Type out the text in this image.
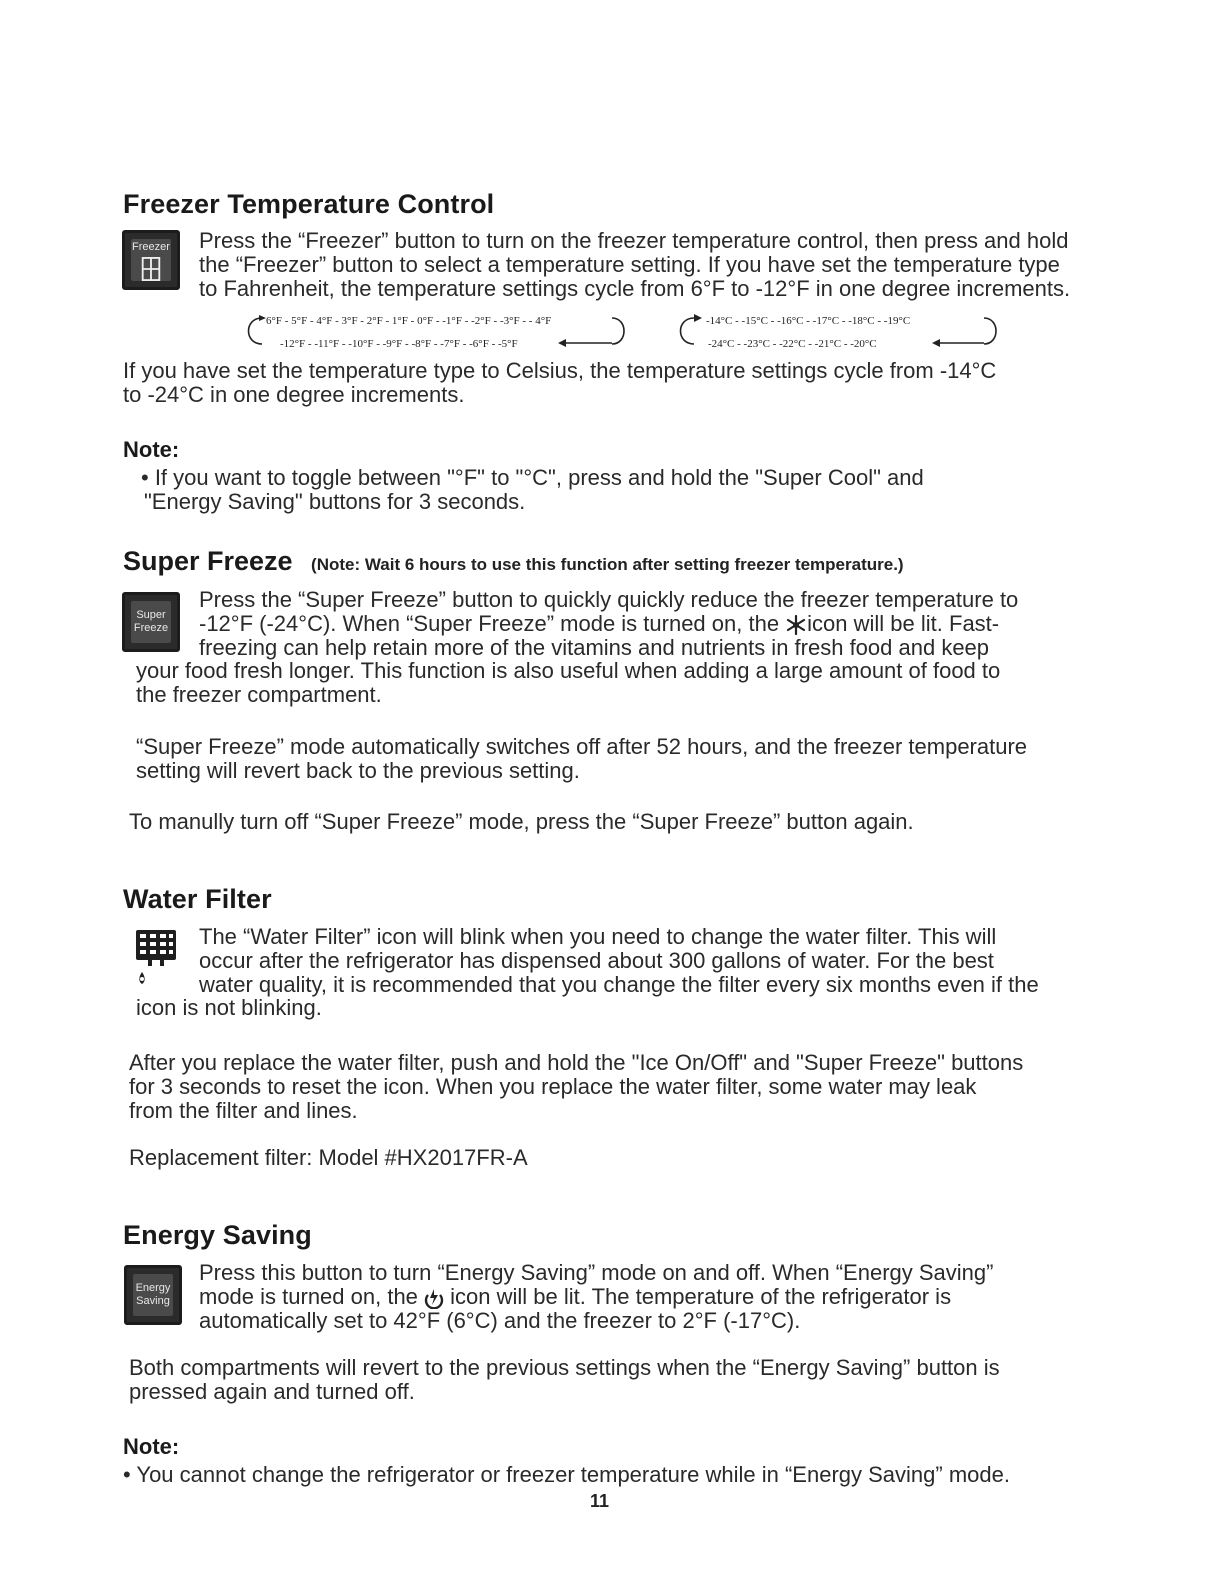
Freezer Temperature Control
Freezer Press the “Freezer” button to turn on the freezer temperature control, then press and hold
the “Freezer” button to select a temperature setting. If you have set the temperature type
to Fahrenheit, the temperature settings cycle from 6°F to -12°F in one degree increments.
6°F - 5°F - 4°F - 3°F - 2°F - 1°F - 0°F - -1°F - -2°F - -3°F - - 4°F
-12°F - -11°F - -10°F - -9°F - -8°F - -7°F - -6°F - -5°F
-14°C - -15°C - -16°C - -17°C - -18°C - -19°C
-24°C - -23°C - -22°C - -21°C - -20°C
If you have set the temperature type to Celsius, the temperature settings cycle from -14°C
to -24°C in one degree increments.
Note:
• If you want to toggle between "°F" to "°C", press and hold the "Super Cool" and
"Energy Saving" buttons for 3 seconds.
Super Freeze (Note: Wait 6 hours to use this function after setting freezer temperature.)
Super
Freeze
Press the “Super Freeze” button to quickly quickly reduce the freezer temperature to
-12°F (-24°C). When “Super Freeze” mode is turned on, the icon will be lit. Fast-
freezing can help retain more of the vitamins and nutrients in fresh food and keep
your food fresh longer. This function is also useful when adding a large amount of food to
the freezer compartment.
“Super Freeze” mode automatically switches off after 52 hours, and the freezer temperature
setting will revert back to the previous setting.
To manully turn off “Super Freeze” mode, press the “Super Freeze” button again.
Water Filter
The “Water Filter” icon will blink when you need to change the water filter. This will
occur after the refrigerator has dispensed about 300 gallons of water. For the best
water quality, it is recommended that you change the filter every six months even if the
icon is not blinking.
After you replace the water filter, push and hold the "Ice On/Off" and "Super Freeze" buttons
for 3 seconds to reset the icon. When you replace the water filter, some water may leak
from the filter and lines.
Replacement filter: Model #HX2017FR-A
Energy Saving
Energy
Saving
Press this button to turn “Energy Saving” mode on and off. When “Energy Saving”
mode is turned on, the  icon will be lit. The temperature of the refrigerator is
automatically set to 42°F (6°C) and the freezer to 2°F (-17°C).
Both compartments will revert to the previous settings when the “Energy Saving” button is
pressed again and turned off.
Note:
• You cannot change the refrigerator or freezer temperature while in “Energy Saving” mode.
11
